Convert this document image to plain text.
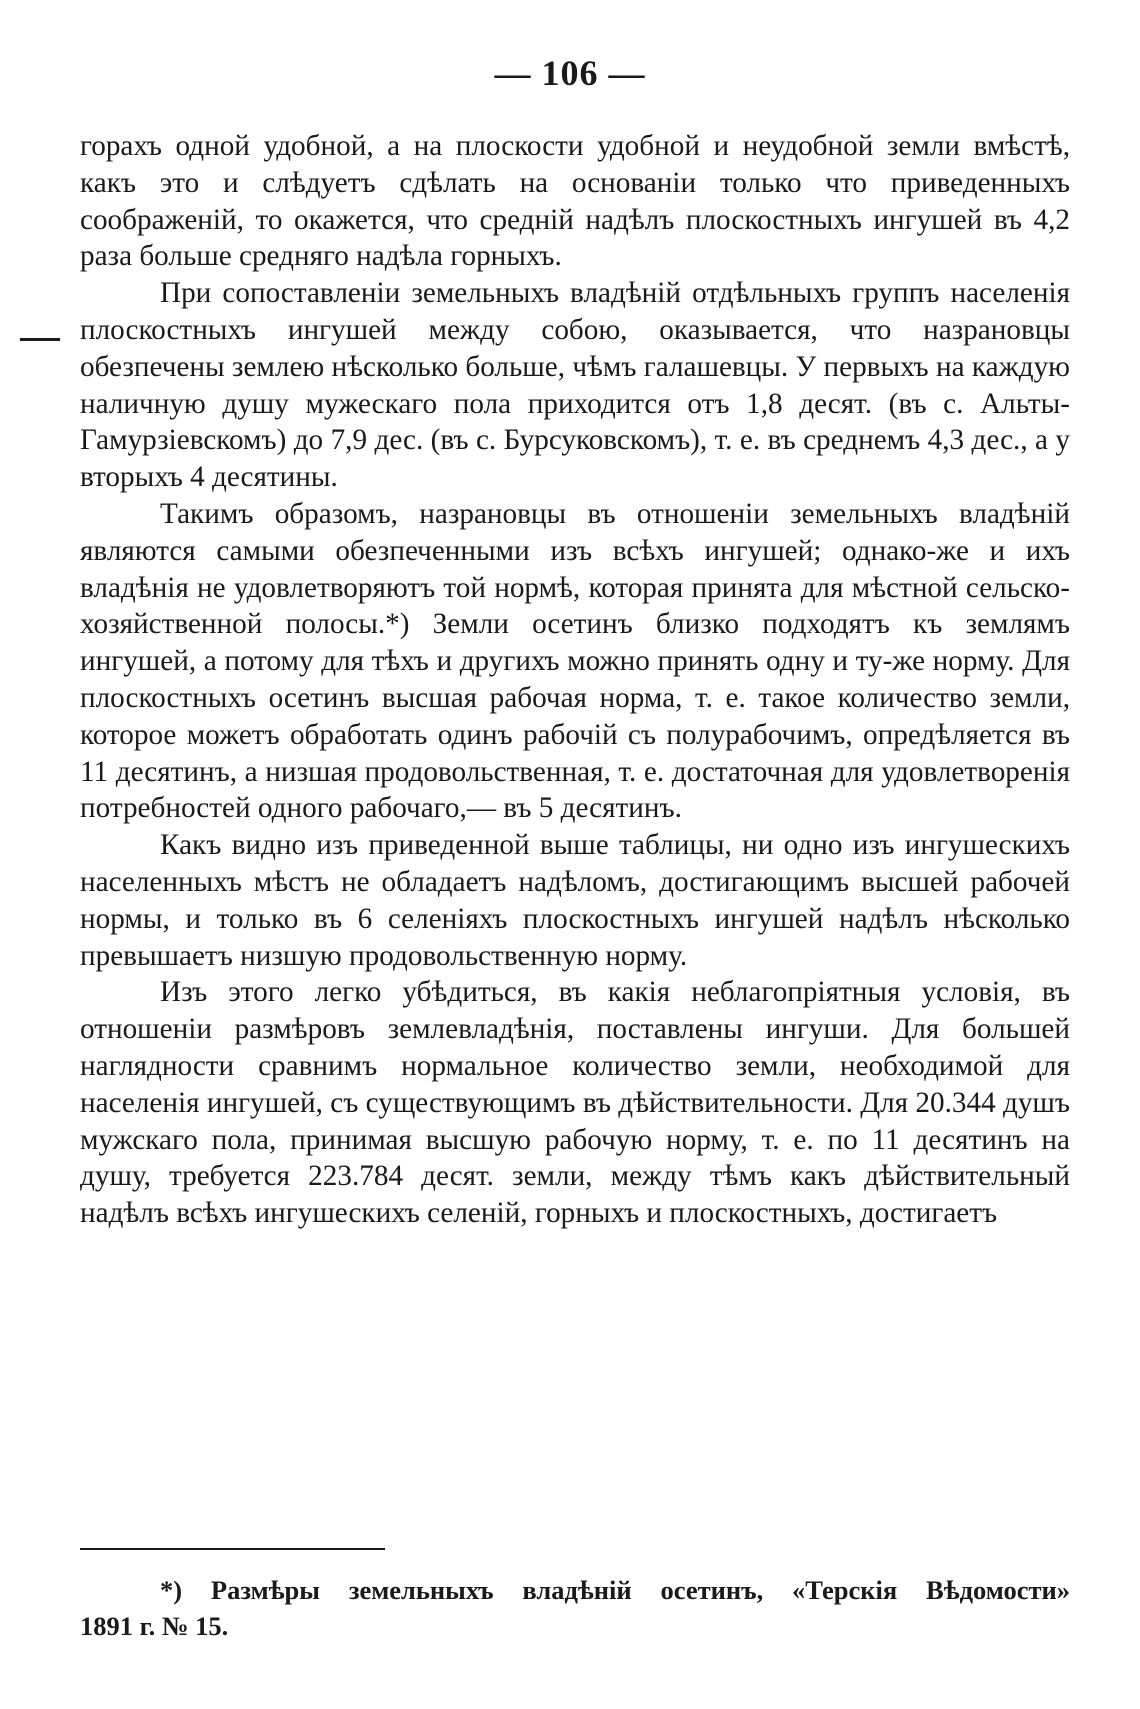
— 106 —

горахъ одной удобной, а на плоскости удобной и неудобной земли вмѣстѣ, какъ это и слѣдуетъ сдѣлать на основаніи только что приведенныхъ соображеній, то окажется, что средній надѣлъ плоскостныхъ ингушей въ 4,2 раза больше средняго надѣла горныхъ.

При сопоставленіи земельныхъ владѣній отдѣльныхъ группъ населенія плоскостныхъ ингушей между собою, оказывается, что назрановцы обезпечены землею нѣсколько больше, чѣмъ галашевцы. У первыхъ на каждую наличную душу мужескаго пола приходится отъ 1,8 десят. (въ с. Альты-Гамурзіевскомъ) до 7,9 дес. (въ с. Бурсуковскомъ), т. е. въ среднемъ 4,3 дес., а у вторыхъ 4 десятины.

Такимъ образомъ, назрановцы въ отношеніи земельныхъ владѣній являются самыми обезпеченными изъ всѣхъ ингушей; однако-же и ихъ владѣнія не удовлетворяютъ той нормѣ, которая принята для мѣстной сельско-хозяйственной полосы.*) Земли осетинъ близко подходятъ къ землямъ ингушей, а потому для тѣхъ и другихъ можно принять одну и ту-же норму. Для плоскостныхъ осетинъ высшая рабочая норма, т. е. такое количество земли, которое можетъ обработать одинъ рабочій съ полурабочимъ, опредѣляется въ 11 десятинъ, а низшая продовольственная, т. е. достаточная для удовлетворенія потребностей одного рабочаго,— въ 5 десятинъ.

Какъ видно изъ приведенной выше таблицы, ни одно изъ ингушескихъ населенныхъ мѣстъ не обладаетъ надѣломъ, достигающимъ высшей рабочей нормы, и только въ 6 селеніяхъ плоскостныхъ ингушей надѣлъ нѣсколько превышаетъ низшую продовольственную норму.

Изъ этого легко убѣдиться, въ какія неблагопріятныя условія, въ отношеніи размѣровъ землевладѣнія, поставлены ингуши. Для большей наглядности сравнимъ нормальное количество земли, необходимой для населенія ингушей, съ существующимъ въ дѣйствительности. Для 20.344 душъ мужскаго пола, принимая высшую рабочую норму, т. е. по 11 десятинъ на душу, требуется 223.784 десят. земли, между тѣмъ какъ дѣйствительный надѣлъ всѣхъ ингушескихъ селеній, горныхъ и плоскостныхъ, достигаетъ

*) Размѣры земельныхъ владѣній осетинъ, «Терскія Вѣдомости» 1891 г. № 15.
